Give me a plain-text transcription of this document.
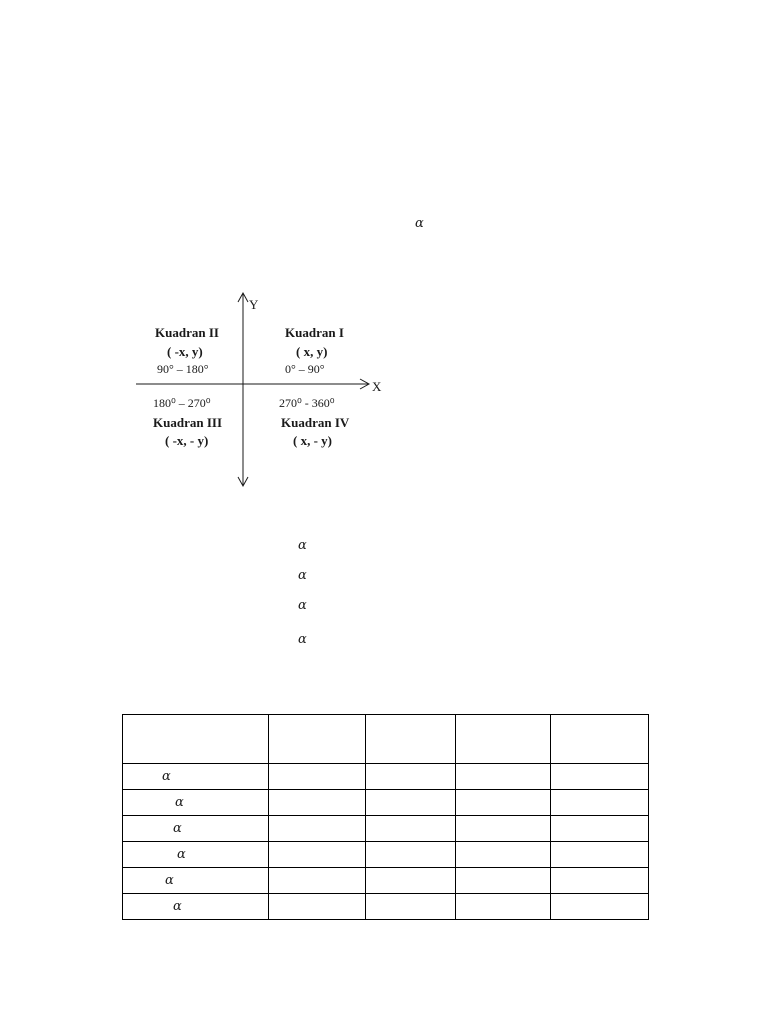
α
α
α
α
α
Y
X
Kuadran II
( -x, y)
90° – 180°
Kuadran I
( x, y)
0° – 90°
180⁰ – 270⁰
Kuadran III
( -x, - y)
270⁰ - 360⁰
Kuadran IV
( x, - y)

α				
α				
α				
α				
α				
α				
